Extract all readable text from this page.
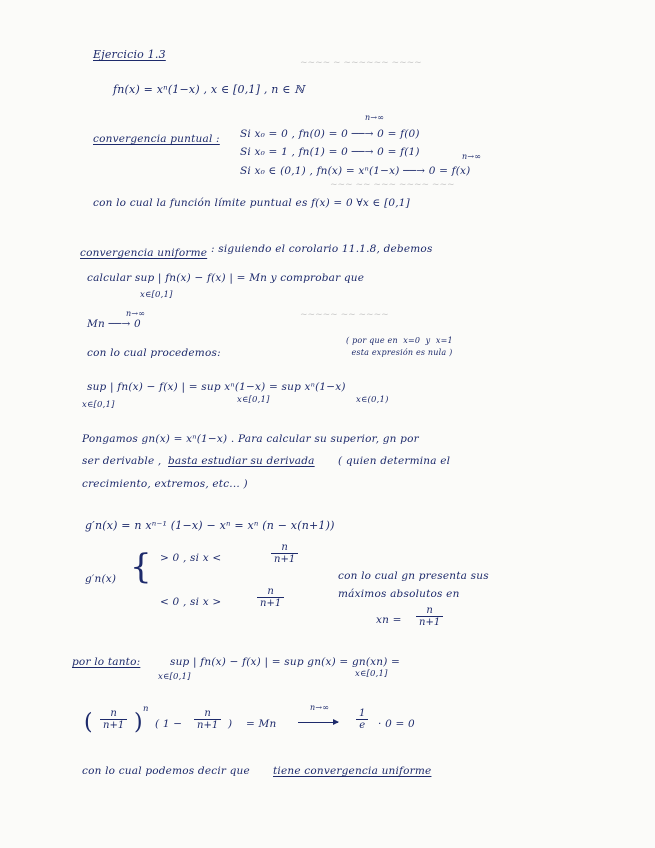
~~~~ ~ ~~~~~~ ~~~~
~~~ ~~ ~~~ ~~~~ ~~~
~~~~~ ~~ ~~~~
Ejercicio 1.3
fn(x) = xⁿ(1−x) , x ∈ [0,1] , n ∈ ℕ
n→∞
convergencia puntual : Si x₀ = 0 , fn(0) = 0 ──→ 0 = f(0)
Si x₀ = 1 , fn(1) = 0 ──→ 0 = f(1)	n→∞
Si x₀ ∈ (0,1) , fn(x) = xⁿ(1−x) ──→ 0 = f(x)
con lo cual la función límite puntual es f(x) = 0 ∀x ∈ [0,1]
convergencia uniforme : siguiendo el corolario 11.1.8, debemos
calcular sup | fn(x) − f(x) | = Mn y comprobar que
x∈[0,1]
n→∞
Mn ──→ 0
con lo cual procedemos:
( por que en  x=0  y  x=1
esta expresión es nula )
sup | fn(x) − f(x) | = sup xⁿ(1−x) = sup xⁿ(1−x)
x∈[0,1]	x∈[0,1]	x∈(0,1)
Pongamos gn(x) = xⁿ(1−x) . Para calcular su superior, gn por
ser derivable , basta estudiar su derivada ( quien determina el
crecimiento, extremos, etc... )
g′n(x) = n xⁿ⁻¹ (1−x) − xⁿ = xⁿ (n − x(n+1))
g′n(x) { > 0 , si x <	$\frac{n}{n+1}$
< 0 , si x >	$\frac{n}{n+1}$
con lo cual gn presenta sus
máximos absolutos en
xn = $\frac{n}{n+1}$
por lo tanto:	sup | fn(x) − f(x) | = sup gn(x) = gn(xn) =
x∈[0,1]	x∈[0,1]
( $\frac{n}{n+1}$ )
n
( $1 - \frac{n}{n+1}$ ) = Mn
n→∞
$\frac{1}{e} \cdot 0 = 0$
con lo cual podemos decir que tiene convergencia uniforme
